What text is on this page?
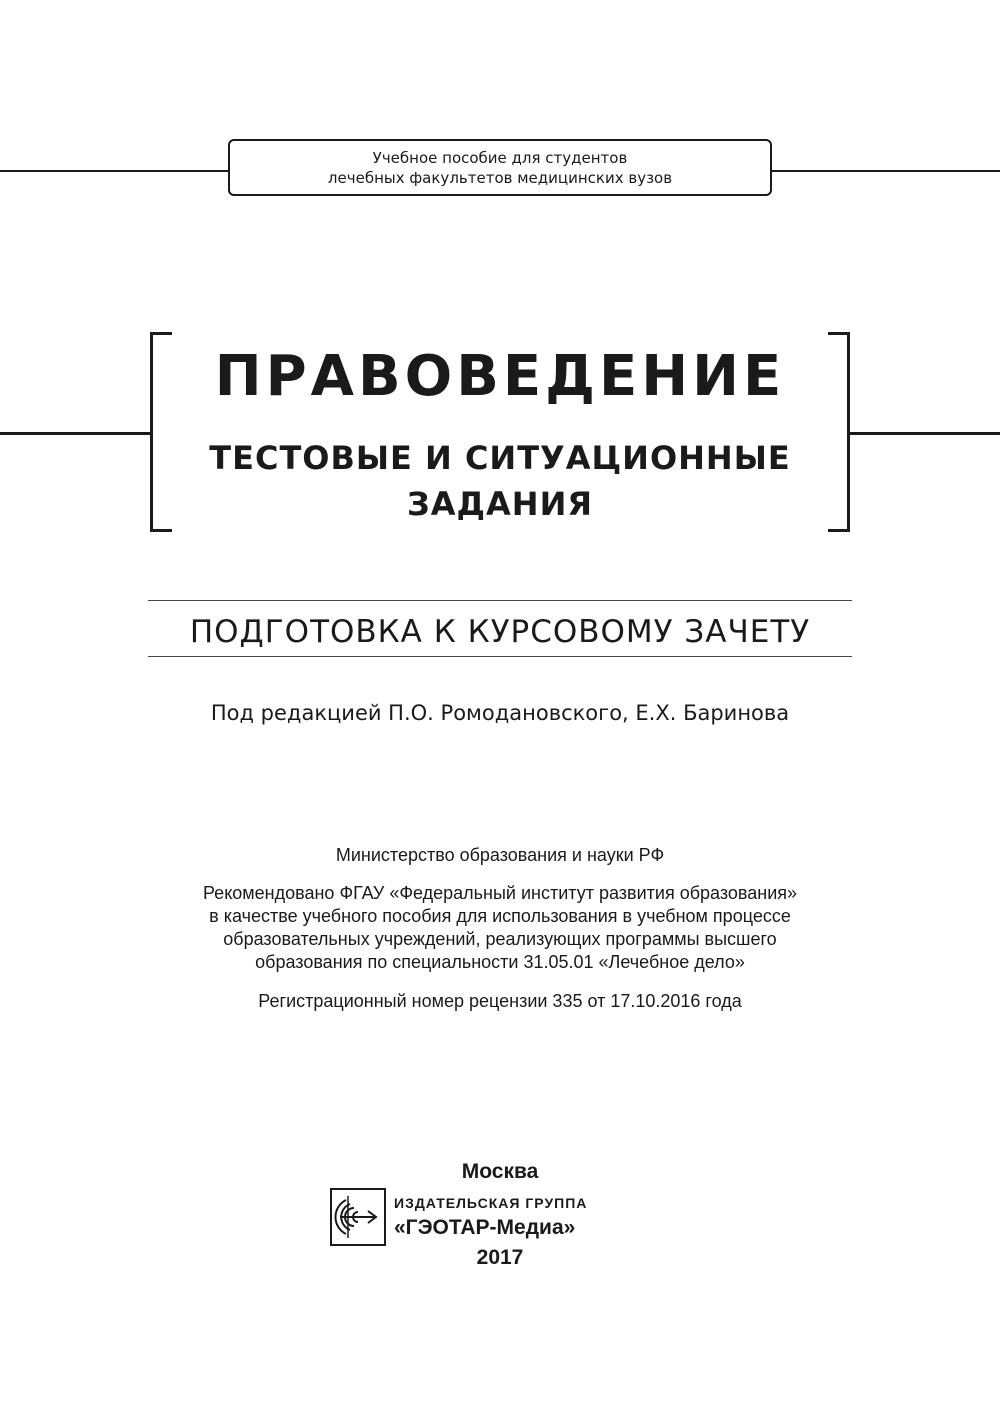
Учебное пособие для студентов
лечебных факультетов медицинских вузов
ПРАВОВЕДЕНИЕ
ТЕСТОВЫЕ И СИТУАЦИОННЫЕ
ЗАДАНИЯ
ПОДГОТОВКА К КУРСОВОМУ ЗАЧЕТУ
Под редакцией П.О. Ромодановского, Е.Х. Баринова
Министерство образования и науки РФ
Рекомендовано ФГАУ «Федеральный институт развития образования»
в качестве учебного пособия для использования в учебном процессе
образовательных учреждений, реализующих программы высшего
образования по специальности 31.05.01 «Лечебное дело»
Регистрационный номер рецензии 335 от 17.10.2016 года
Москва
ИЗДАТЕЛЬСКАЯ ГРУППА
«ГЭОТАР-Медиа»
2017
